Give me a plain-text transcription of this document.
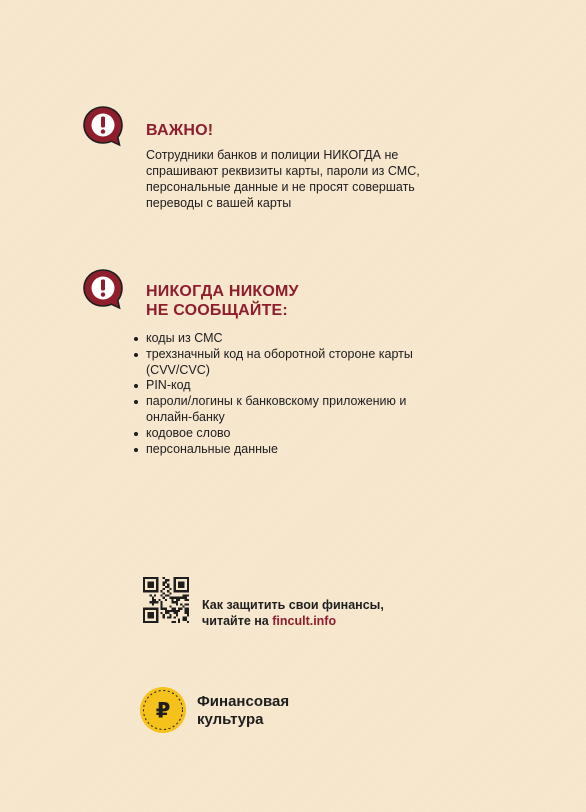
ВАЖНО!

Сотрудники банков и полиции НИКОГДА не спрашивают реквизиты карты, пароли из СМС, персональные данные и не просят совершать переводы с вашей карты

НИКОГДА НИКОМУ
НЕ СООБЩАЙТЕ:
коды из СМС
трехзначный код на оборотной стороне карты (CVV/CVC)
PIN-код
пароли/логины к банковскому приложению и онлайн-банку
кодовое слово
персональные данные

Как защитить свои финансы,
читайте на fincult.info

₽ Финансовая
культура
